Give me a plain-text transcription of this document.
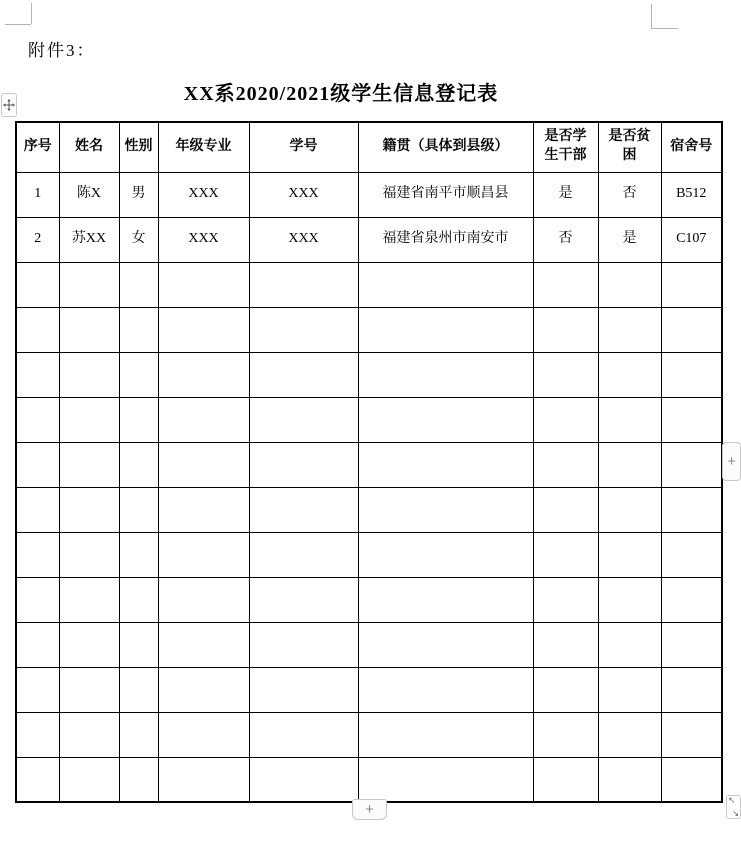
附件3：
XX系2020/2021级学生信息登记表
序号	姓名	性别	年级专业	学号	籍贯（具体到县级）	是否学生干部	是否贫困	宿舍号
1	陈X	男	XXX	XXX	福建省南平市顺昌县	是	否	B512
2	苏XX	女	XXX	XXX	福建省泉州市南安市	否	是	C107

+
+
↖
↘
